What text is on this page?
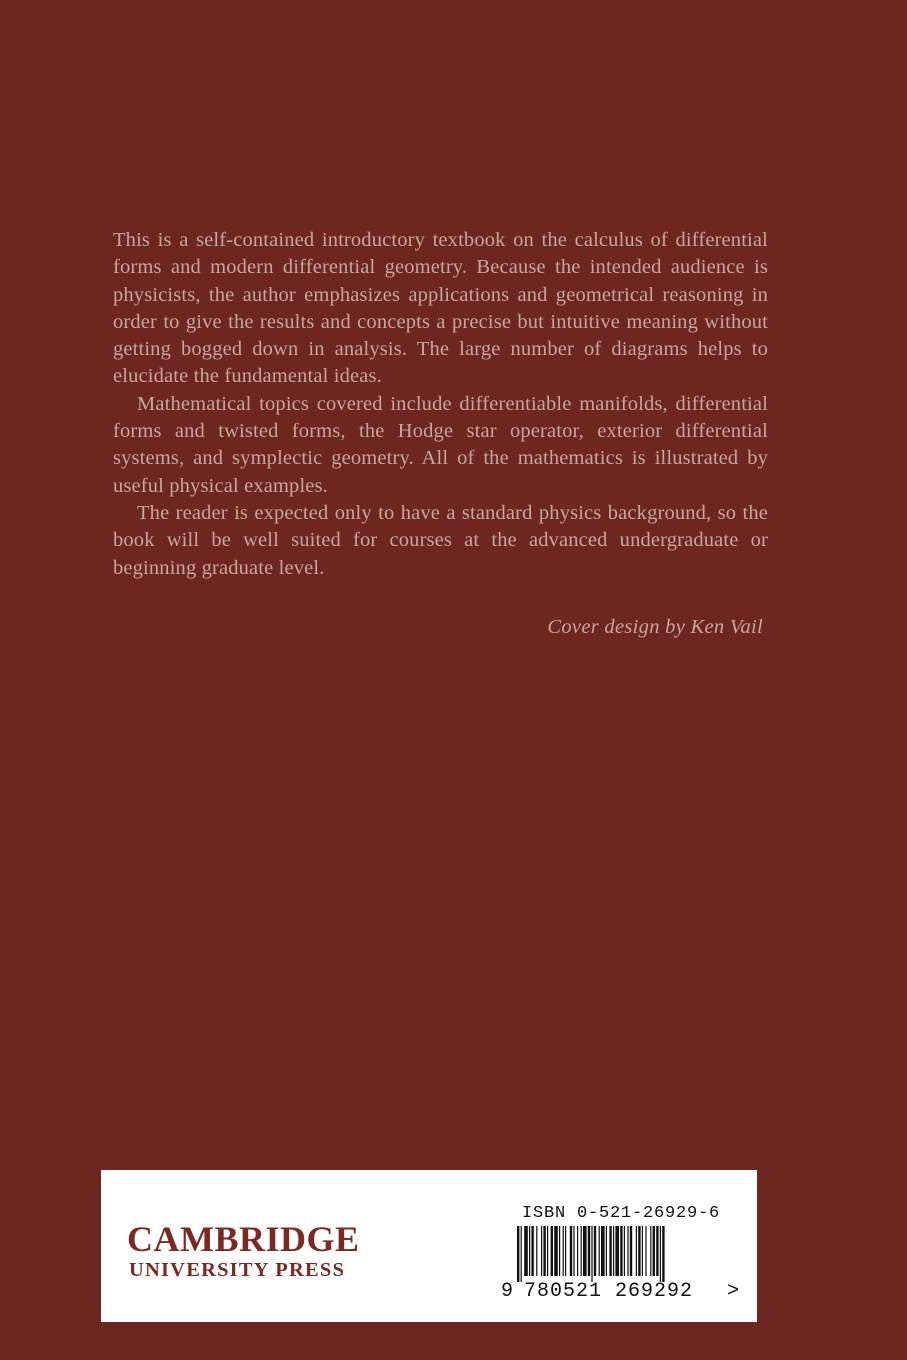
This is a self-contained introductory textbook on the calculus of differential forms and modern differential geometry. Because the intended audience is physicists, the author emphasizes applications and geometrical reasoning in order to give the results and concepts a precise but intuitive meaning without getting bogged down in analysis. The large number of diagrams helps to elucidate the fundamental ideas.

Mathematical topics covered include differentiable manifolds, differential forms and twisted forms, the Hodge star operator, exterior differential systems, and symplectic geometry. All of the mathematics is illustrated by useful physical examples.

The reader is expected only to have a standard physics background, so the book will be well suited for courses at the advanced undergraduate or beginning graduate level.

Cover design by Ken Vail
CAMBRIDGE
UNIVERSITY PRESS
ISBN 0-521-26929-6
9 780521 269292 >
